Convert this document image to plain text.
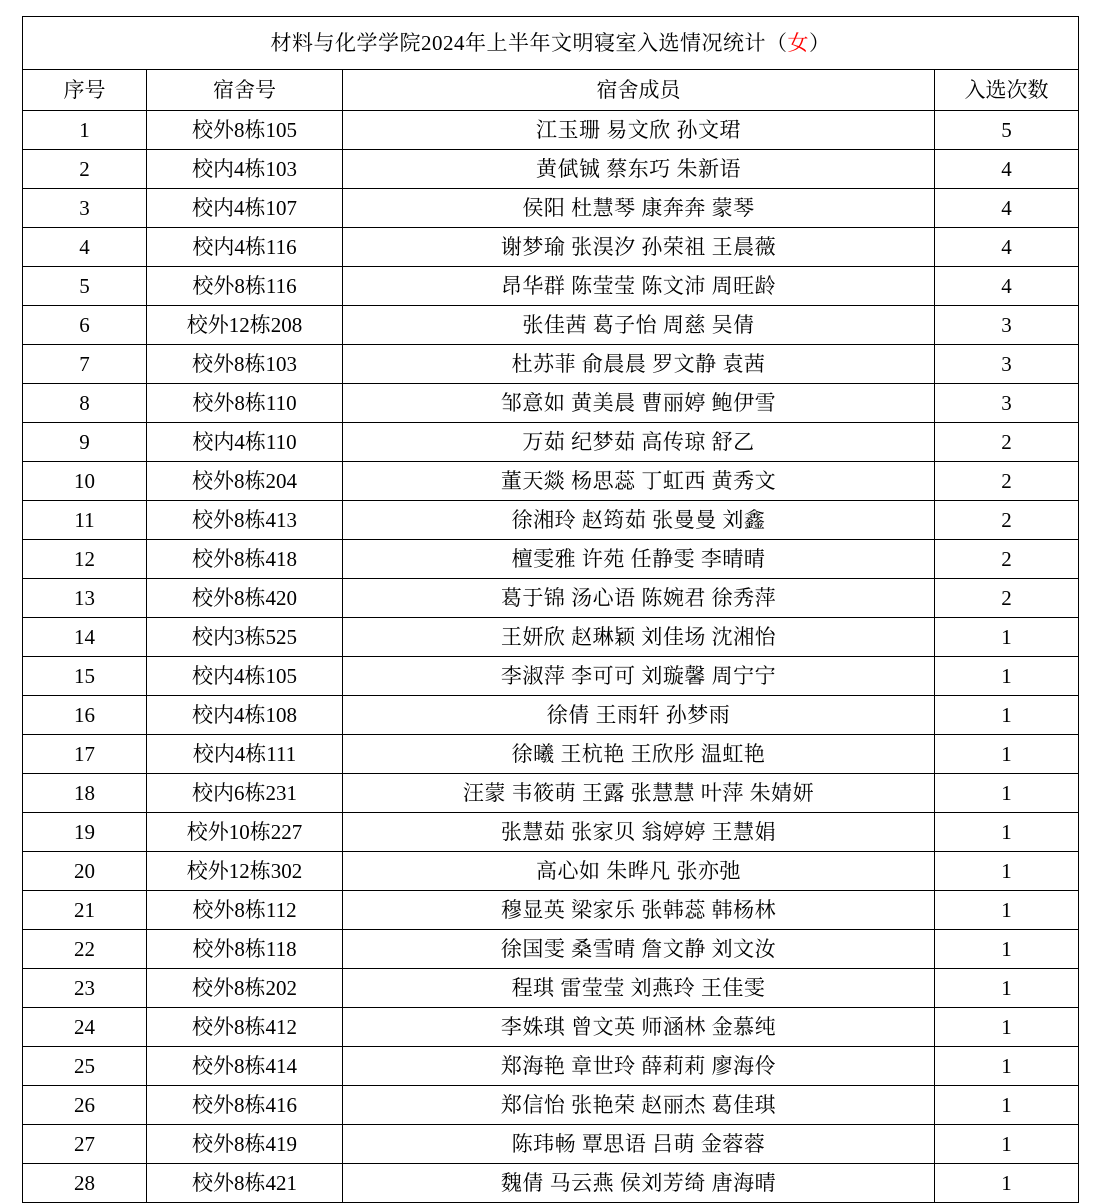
材料与化学学院2024年上半年文明寝室入选情况统计（女）			
序号	宿舍号	宿舍成员	入选次数
1	校外8栋105	江玉珊 易文欣 孙文珺	5
2	校内4栋103	黄倵铖 蔡东巧 朱新语	4
3	校内4栋107	侯阳 杜慧琴 康奔奔 蒙琴	4
4	校内4栋116	谢梦瑜 张淏汐 孙荣祖 王晨薇	4
5	校外8栋116	昂华群 陈莹莹 陈文沛 周旺龄	4
6	校外12栋208	张佳茜 葛子怡 周慈 吴倩	3
7	校外8栋103	杜苏菲 俞晨晨 罗文静 袁茜	3
8	校外8栋110	邹意如 黄美晨 曹丽婷 鲍伊雪	3
9	校内4栋110	万茹 纪梦茹 高传琼 舒乙	2
10	校外8栋204	董天燚 杨思蕊 丁虹西 黄秀文	2
11	校外8栋413	徐湘玲 赵筠茹 张曼曼 刘鑫	2
12	校外8栋418	檀雯雅 许苑 任静雯 李晴晴	2
13	校外8栋420	葛于锦 汤心语 陈婉君 徐秀萍	2
14	校内3栋525	王妍欣 赵琳颖 刘佳场 沈湘怡	1
15	校内4栋105	李淑萍 李可可 刘璇馨 周宁宁	1
16	校内4栋108	徐倩 王雨轩 孙梦雨	1
17	校内4栋111	徐曦 王杭艳 王欣彤 温虹艳	1
18	校内6栋231	汪蒙 韦筱萌 王露 张慧慧 叶萍 朱婧妍	1
19	校外10栋227	张慧茹 张家贝 翁婷婷 王慧娟	1
20	校外12栋302	高心如 朱晔凡 张亦弛	1
21	校外8栋112	穆显英 梁家乐 张韩蕊 韩杨林	1
22	校外8栋118	徐国雯 桑雪晴 詹文静 刘文汝	1
23	校外8栋202	程琪 雷莹莹 刘燕玲 王佳雯	1
24	校外8栋412	李姝琪 曾文英 师涵林 金慕纯	1
25	校外8栋414	郑海艳 章世玲 薛莉莉 廖海伶	1
26	校外8栋416	郑信怡 张艳荣 赵丽杰 葛佳琪	1
27	校外8栋419	陈玮畅 覃思语 吕萌 金蓉蓉	1
28	校外8栋421	魏倩 马云燕 侯刘芳绮 唐海晴	1
